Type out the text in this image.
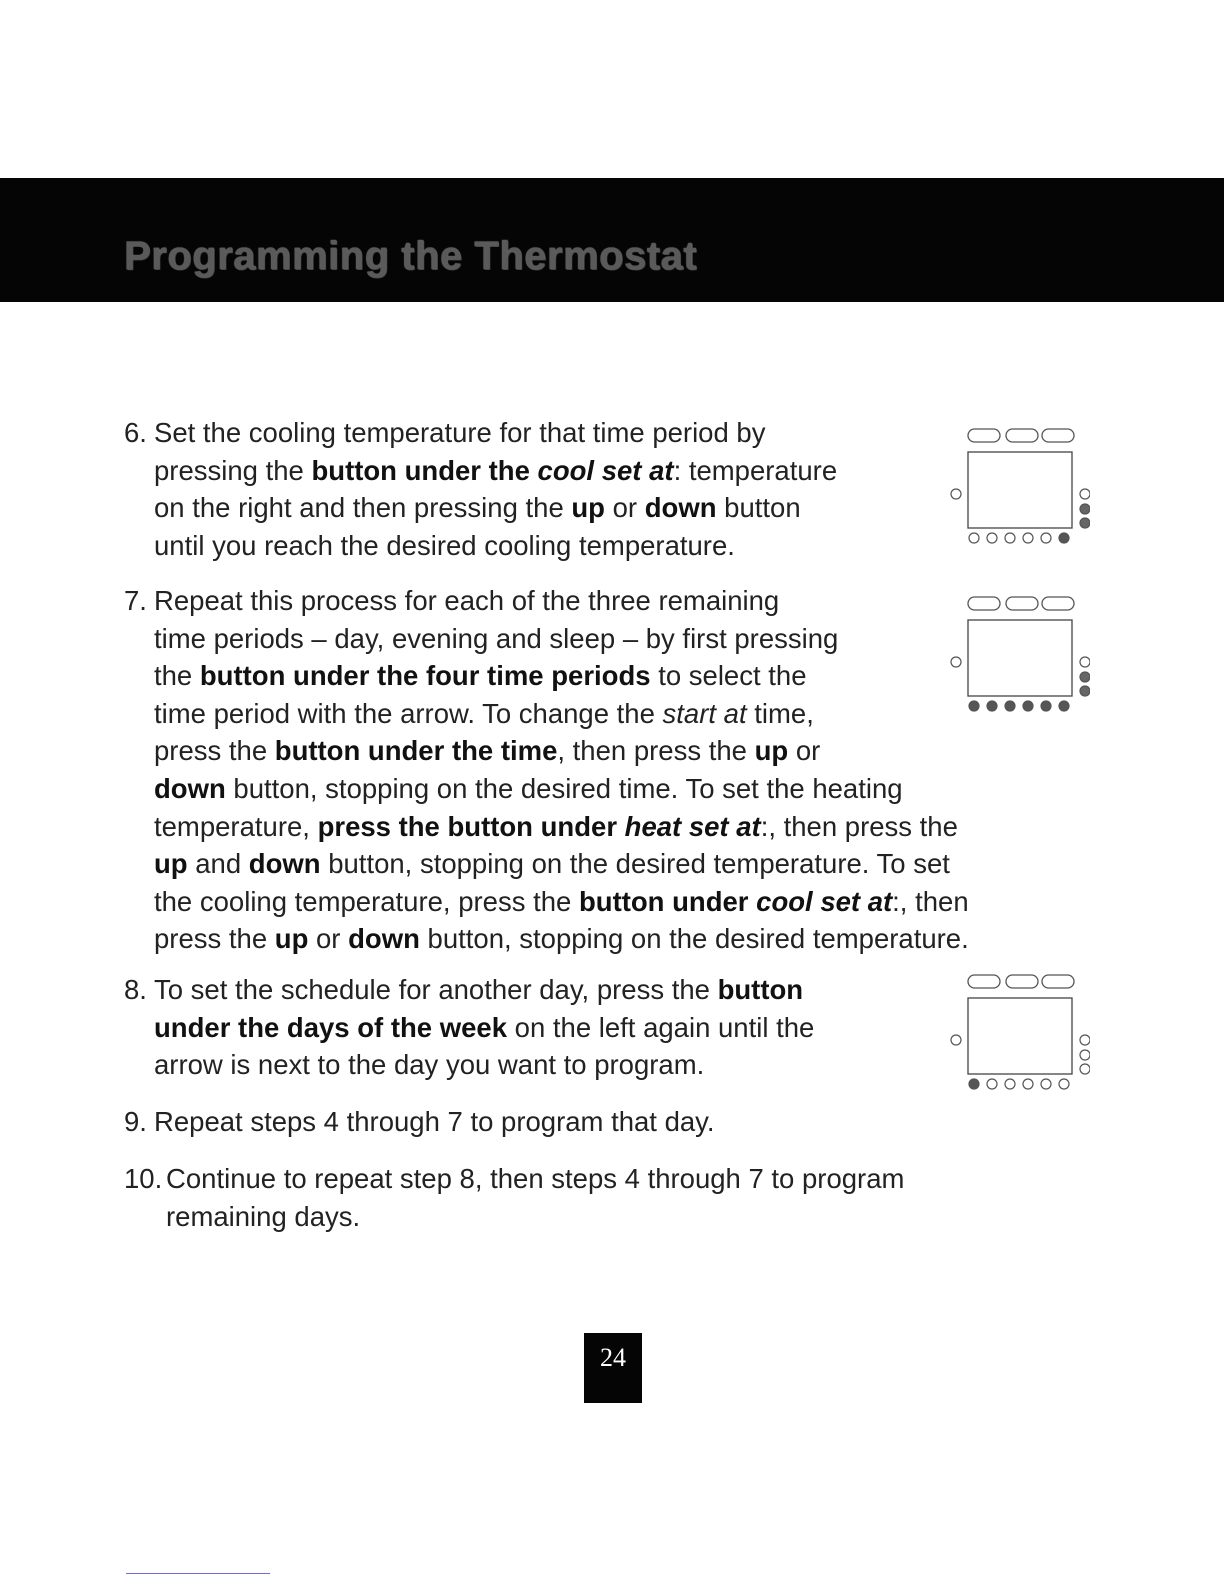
Programming the Thermostat
6. Set the cooling temperature for that time period by
pressing the button under the cool set at: temperature
on the right and then pressing the up or down button
until you reach the desired cooling temperature.
7. Repeat this process for each of the three remaining
time periods – day, evening and sleep – by first pressing
the button under the four time periods to select the
time period with the arrow. To change the start at time,
press the button under the time, then press the up or
down button, stopping on the desired time. To set the heating
temperature, press the button under heat set at:, then press the
up and down button, stopping on the desired temperature. To set
the cooling temperature, press the button under cool set at:, then
press the up or down button, stopping on the desired temperature.
8. To set the schedule for another day, press the button
under the days of the week on the left again until the
arrow is next to the day you want to program.
9. Repeat steps 4 through 7 to program that day.
10. Continue to repeat step 8, then steps 4 through 7 to program
remaining days.
24
